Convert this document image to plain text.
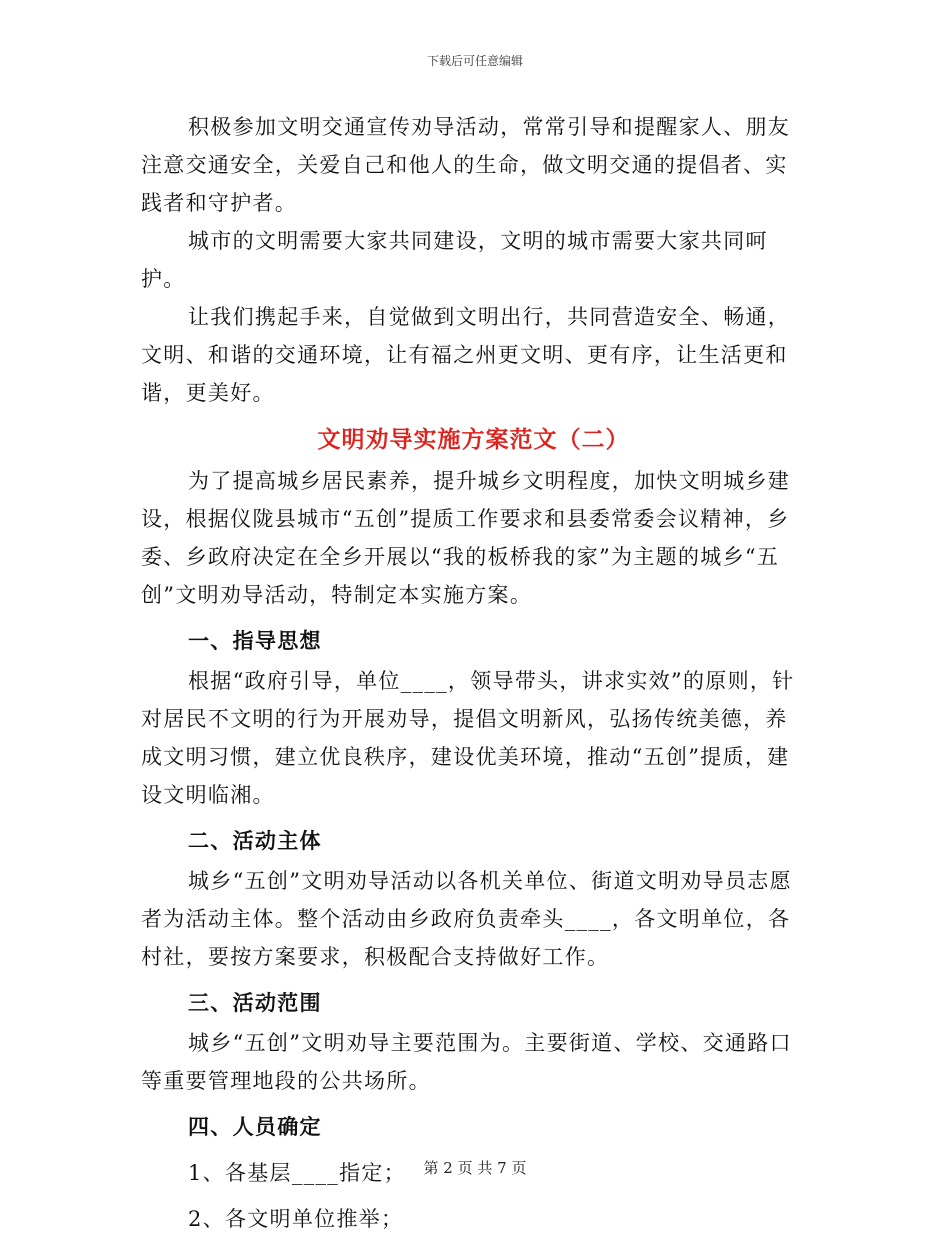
下载后可任意编辑

积极参加文明交通宣传劝导活动，常常引导和提醒家人、朋友注意交通安全，关爱自己和他人的生命，做文明交通的提倡者、实践者和守护者。

城市的文明需要大家共同建设，文明的城市需要大家共同呵护。

让我们携起手来，自觉做到文明出行，共同营造安全、畅通，文明、和谐的交通环境，让有福之州更文明、更有序，让生活更和谐，更美好。

文明劝导实施方案范文（二）

为了提高城乡居民素养，提升城乡文明程度，加快文明城乡建设，根据仪陇县城市“五创”提质工作要求和县委常委会议精神，乡委、乡政府决定在全乡开展以“我的板桥我的家”为主题的城乡“五创”文明劝导活动，特制定本实施方案。

一、指导思想

根据“政府引导，单位____，领导带头，讲求实效”的原则，针对居民不文明的行为开展劝导，提倡文明新风，弘扬传统美德，养成文明习惯，建立优良秩序，建设优美环境，推动“五创”提质，建设文明临湘。

二、活动主体

城乡“五创”文明劝导活动以各机关单位、街道文明劝导员志愿者为活动主体。整个活动由乡政府负责牵头____，各文明单位，各村社，要按方案要求，积极配合支持做好工作。

三、活动范围

城乡“五创”文明劝导主要范围为。主要街道、学校、交通路口等重要管理地段的公共场所。

四、人员确定

1、各基层____指定；

2、各文明单位推举；

第 2 页 共 7 页
